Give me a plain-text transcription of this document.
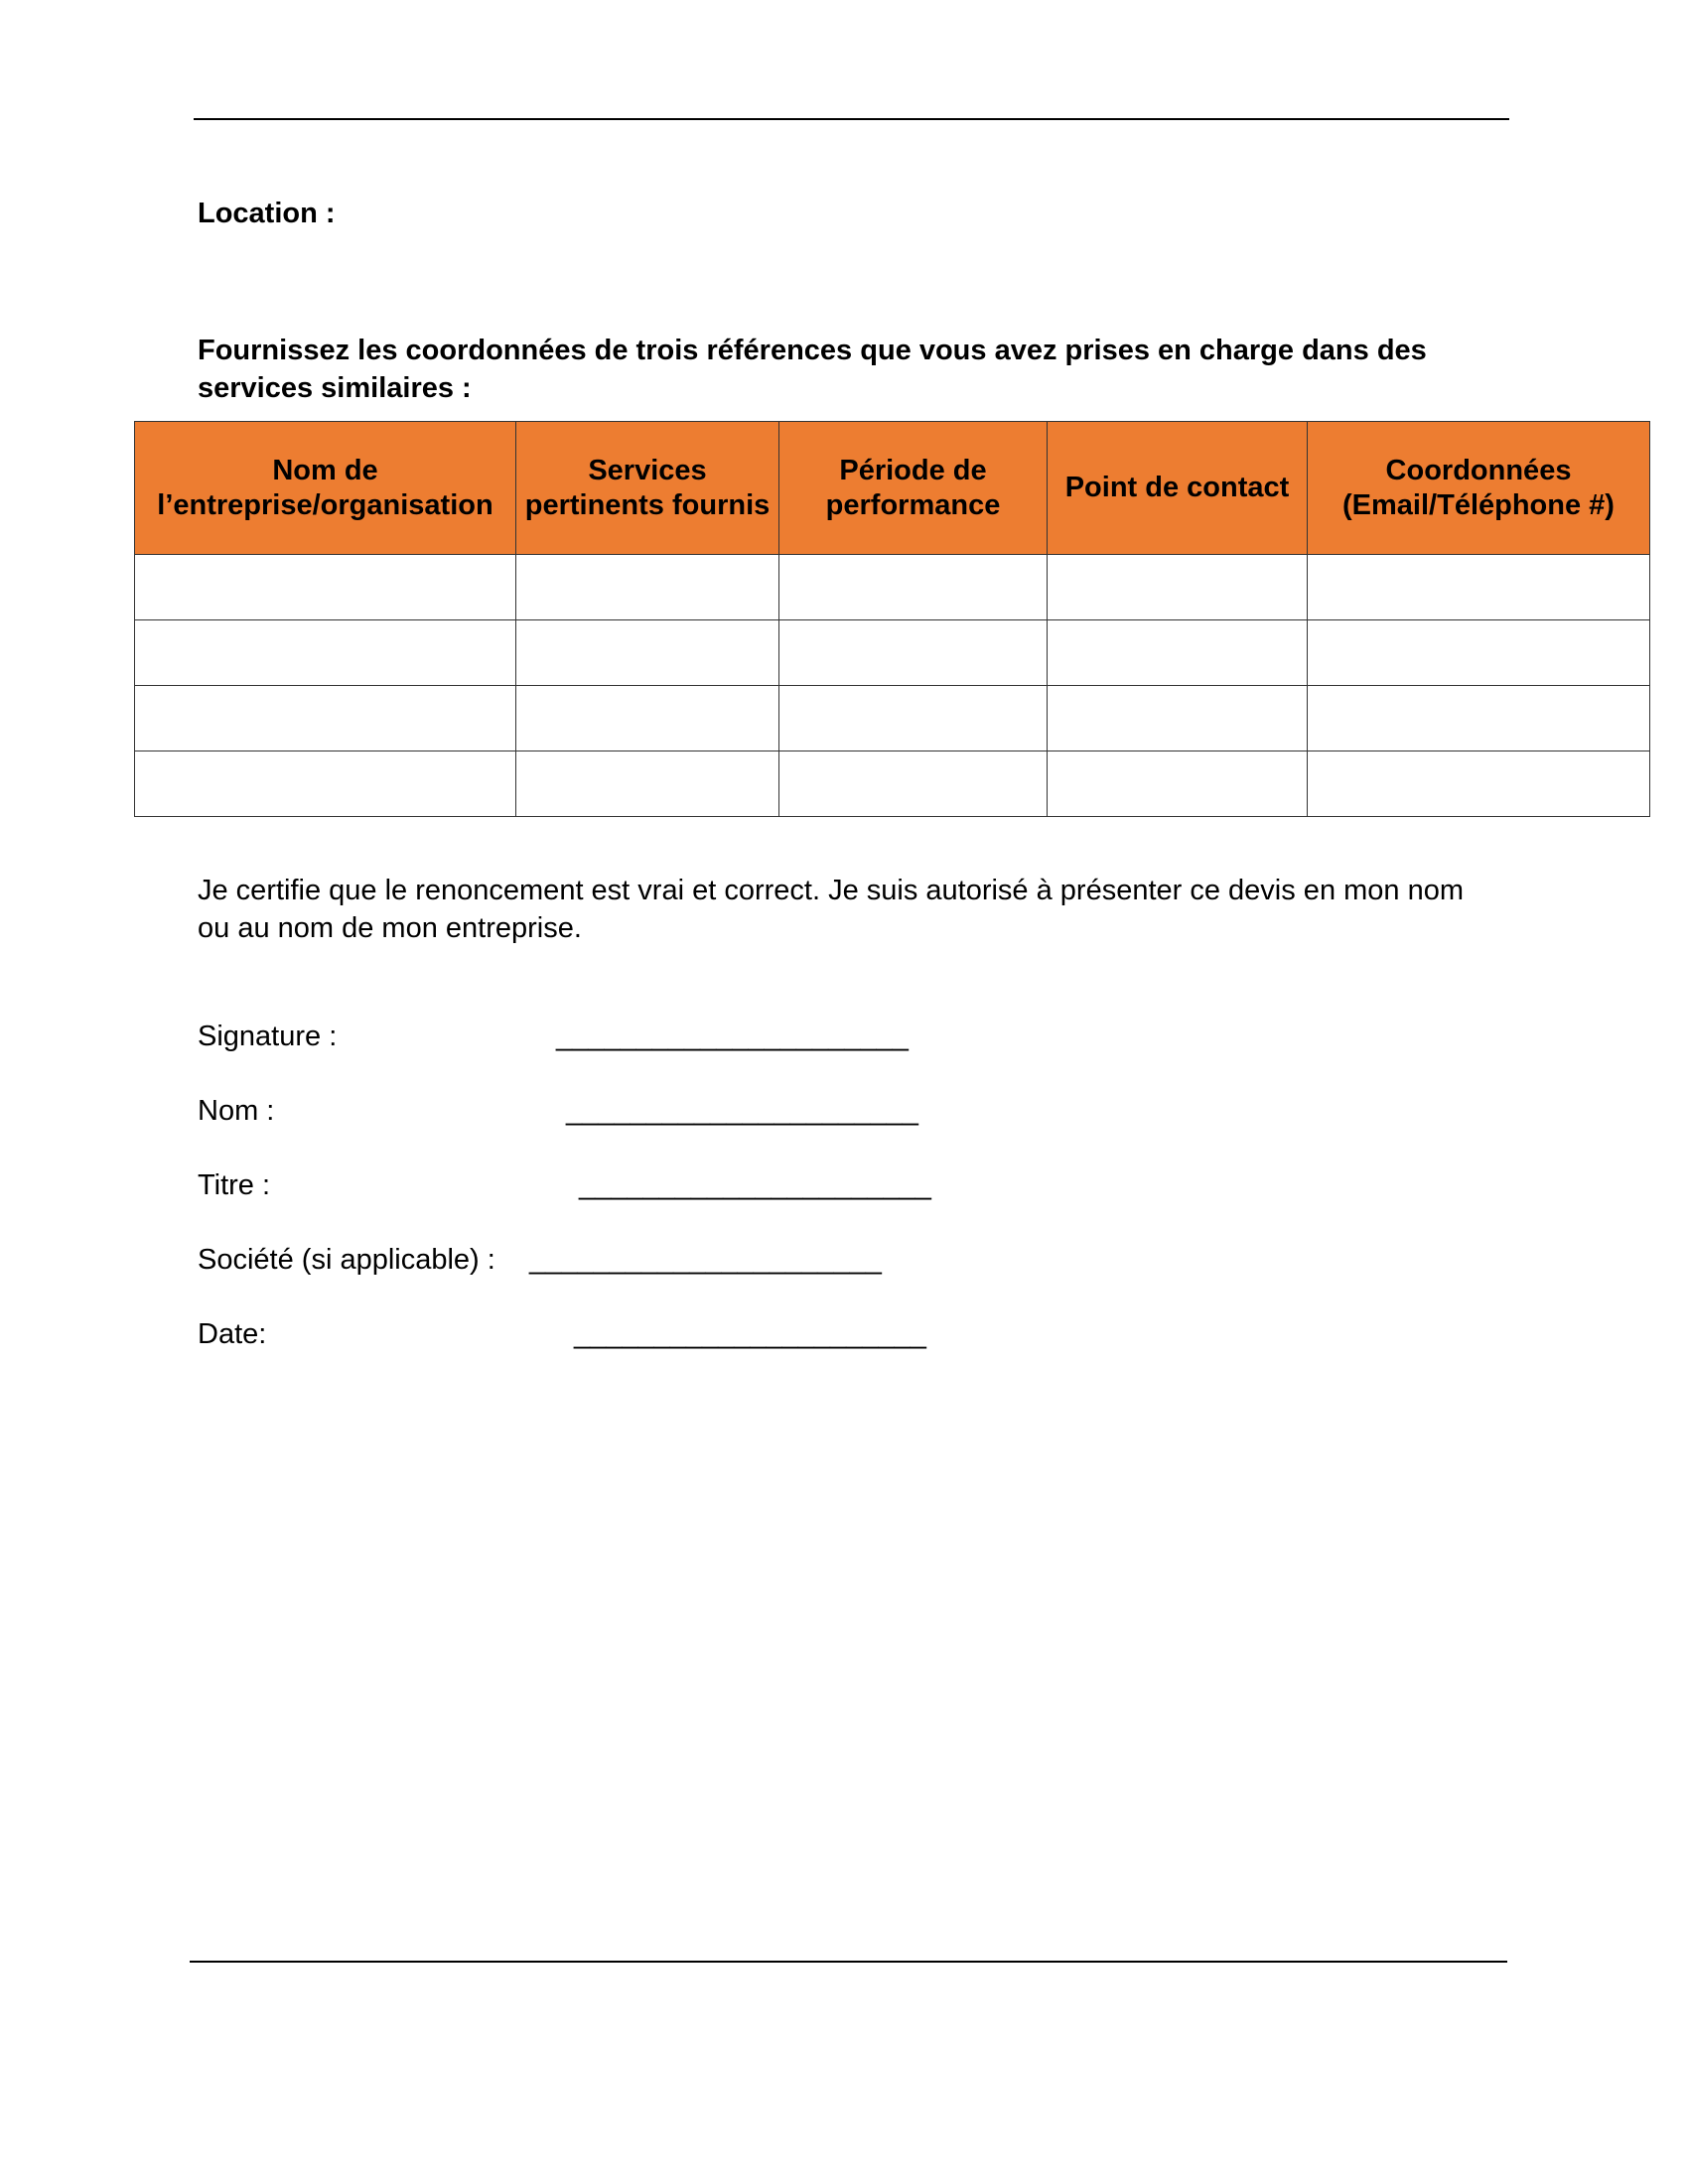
Location :
Fournissez les coordonnées de trois références que vous avez prises en charge dans des services similaires :
Nom de l’entreprise/organisation	Services pertinents fournis	Période de performance	Point de contact	Coordonnées (Email/Téléphone #)

Je certifie que le renoncement est vrai et correct. Je suis autorisé à présenter ce devis en mon nom ou au nom de mon entreprise.
Signature :	______________________
Nom :	______________________
Titre :	______________________
Société (si applicable) : ______________________
Date:	______________________
